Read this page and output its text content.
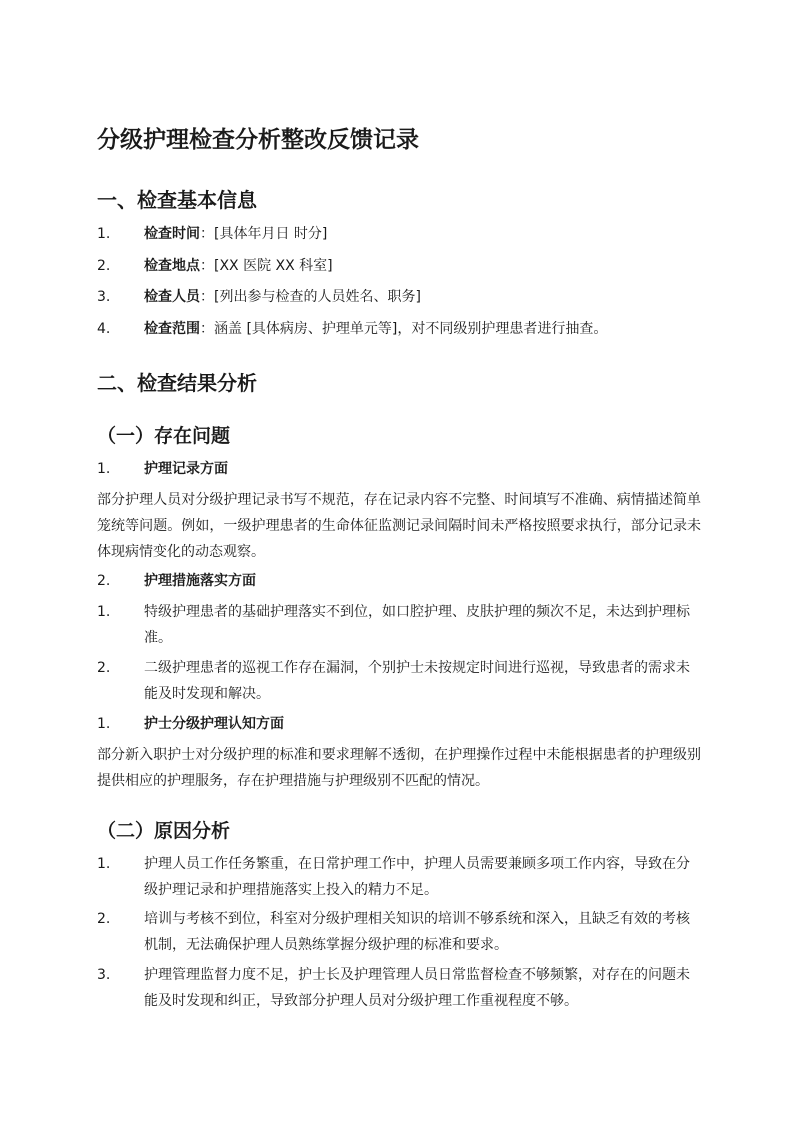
分级护理检查分析整改反馈记录
一、检查基本信息
1. 检查时间：[具体年月日 时分]
2. 检查地点：[XX 医院 XX 科室]
3. 检查人员：[列出参与检查的人员姓名、职务]
4. 检查范围：涵盖 [具体病房、护理单元等]，对不同级别护理患者进行抽查。
二、检查结果分析
（一）存在问题
1. 护理记录方面

部分护理人员对分级护理记录书写不规范，存在记录内容不完整、时间填写不准确、病情描述简单笼统等问题。例如，一级护理患者的生命体征监测记录间隔时间未严格按照要求执行，部分记录未体现病情变化的动态观察。

2. 护理措施落实方面
1. 特级护理患者的基础护理落实不到位，如口腔护理、皮肤护理的频次不足，未达到护理标准。
2. 二级护理患者的巡视工作存在漏洞，个别护士未按规定时间进行巡视，导致患者的需求未能及时发现和解决。
1. 护士分级护理认知方面

部分新入职护士对分级护理的标准和要求理解不透彻，在护理操作过程中未能根据患者的护理级别提供相应的护理服务，存在护理措施与护理级别不匹配的情况。

（二）原因分析
1. 护理人员工作任务繁重，在日常护理工作中，护理人员需要兼顾多项工作内容，导致在分级护理记录和护理措施落实上投入的精力不足。
2. 培训与考核不到位，科室对分级护理相关知识的培训不够系统和深入，且缺乏有效的考核机制，无法确保护理人员熟练掌握分级护理的标准和要求。
3. 护理管理监督力度不足，护士长及护理管理人员日常监督检查不够频繁，对存在的问题未能及时发现和纠正，导致部分护理人员对分级护理工作重视程度不够。
